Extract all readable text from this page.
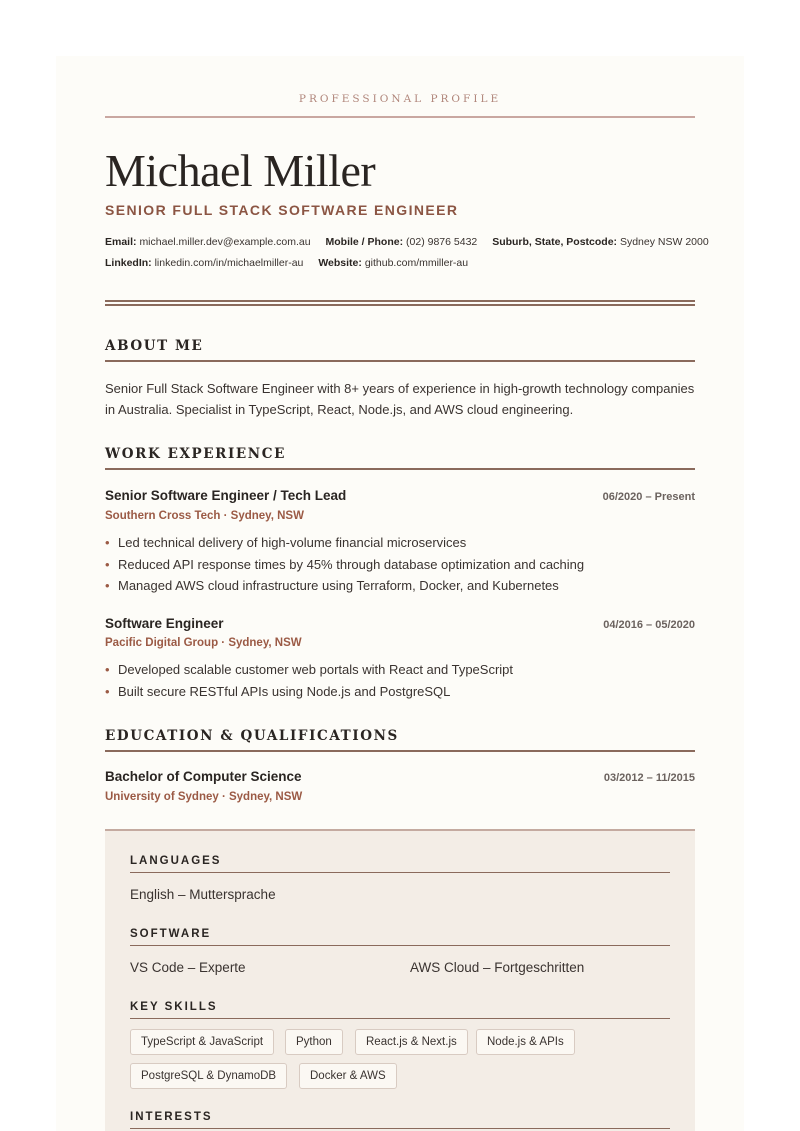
PROFESSIONAL PROFILE
Michael Miller
SENIOR FULL STACK SOFTWARE ENGINEER
Email: michael.miller.dev@example.com.au Mobile / Phone: (02) 9876 5432 Suburb, State, Postcode: Sydney NSW 2000
LinkedIn: linkedin.com/in/michaelmiller-au Website: github.com/mmiller-au
ABOUT ME
Senior Full Stack Software Engineer with 8+ years of experience in high-growth technology companies in Australia. Specialist in TypeScript, React, Node.js, and AWS cloud engineering.
WORK EXPERIENCE
Senior Software Engineer / Tech Lead	06/2020 – Present
Southern Cross Tech · Sydney, NSW
• Led technical delivery of high-volume financial microservices
• Reduced API response times by 45% through database optimization and caching
• Managed AWS cloud infrastructure using Terraform, Docker, and Kubernetes
Software Engineer	04/2016 – 05/2020
Pacific Digital Group · Sydney, NSW
• Developed scalable customer web portals with React and TypeScript
• Built secure RESTful APIs using Node.js and PostgreSQL
EDUCATION & QUALIFICATIONS
Bachelor of Computer Science	03/2012 – 11/2015
University of Sydney · Sydney, NSW
LANGUAGES
English – Muttersprache
SOFTWARE
VS Code – Experte	AWS Cloud – Fortgeschritten
KEY SKILLS
TypeScript & JavaScript	Python	React.js & Next.js	Node.js & APIs
PostgreSQL & DynamoDB	Docker & AWS
INTERESTS
